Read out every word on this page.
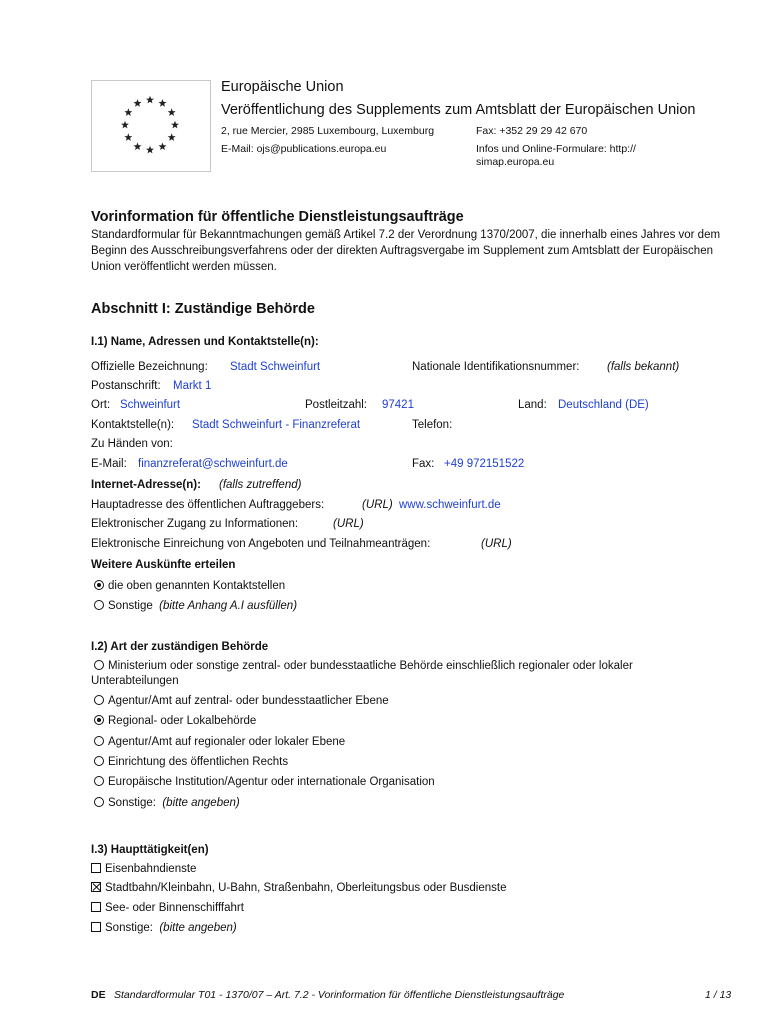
Europäische Union
Veröffentlichung des Supplements zum Amtsblatt der Europäischen Union
2, rue Mercier, 2985 Luxembourg, Luxemburg	Fax: +352 29 29 42 670
E-Mail: ojs@publications.europa.eu	Infos und Online-Formulare: http://
simap.europa.eu
Vorinformation für öffentliche Dienstleistungsaufträge
Standardformular für Bekanntmachungen gemäß Artikel 7.2 der Verordnung 1370/2007, die innerhalb eines Jahres vor dem Beginn des Ausschreibungsverfahrens oder der direkten Auftragsvergabe im Supplement zum Amtsblatt der Europäischen Union veröffentlicht werden müssen.
Abschnitt I: Zuständige Behörde
I.1) Name, Adressen und Kontaktstelle(n):
Offizielle Bezeichnung: Stadt Schweinfurt	Nationale Identifikationsnummer: (falls bekannt)
Postanschrift: Markt 1
Ort: Schweinfurt	Postleitzahl: 97421	Land: Deutschland (DE)
Kontaktstelle(n): Stadt Schweinfurt - Finanzreferat	Telefon:
Zu Händen von:
E-Mail: finanzreferat@schweinfurt.de	Fax: +49 972151522
Internet-Adresse(n): (falls zutreffend)
Hauptadresse des öffentlichen Auftraggebers:	(URL) www.schweinfurt.de
Elektronischer Zugang zu Informationen:	(URL)
Elektronische Einreichung von Angeboten und Teilnahmeanträgen:	(URL)
Weitere Auskünfte erteilen
die oben genannten Kontaktstellen
Sonstige (bitte Anhang A.I ausfüllen)
I.2) Art der zuständigen Behörde
Ministerium oder sonstige zentral- oder bundesstaatliche Behörde einschließlich regionaler oder lokaler
Unterabteilungen
Agentur/Amt auf zentral- oder bundesstaatlicher Ebene
Regional- oder Lokalbehörde
Agentur/Amt auf regionaler oder lokaler Ebene
Einrichtung des öffentlichen Rechts
Europäische Institution/Agentur oder internationale Organisation
Sonstige: (bitte angeben)
I.3) Haupttätigkeit(en)
Eisenbahndienste
Stadtbahn/Kleinbahn, U-Bahn, Straßenbahn, Oberleitungsbus oder Busdienste
See- oder Binnenschifffahrt
Sonstige: (bitte angeben)
DE Standardformular T01 - 1370/07 – Art. 7.2 - Vorinformation für öffentliche Dienstleistungsaufträge	1 / 13
